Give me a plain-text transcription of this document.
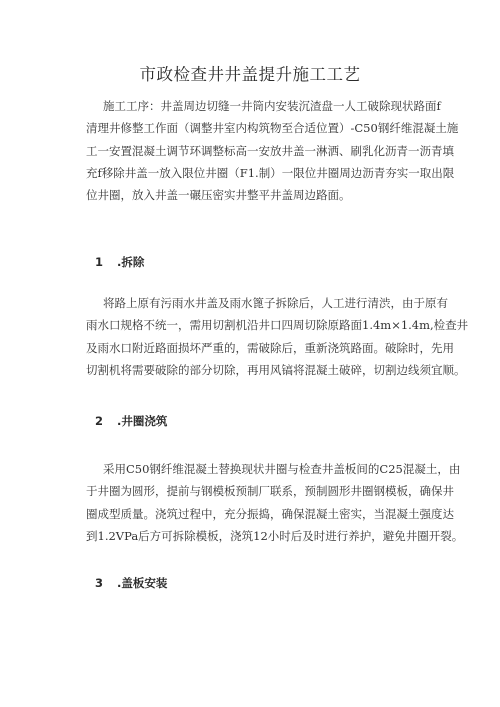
市政检查井井盖提升施工工艺
施工工序：井盖周边切缝一井筒内安装沉渣盘一人工破除现状路面f
清理井修整工作面（调整井室内构筑物至合适位置）-C50钢纤维混凝土施
工一安置混凝土调节环调整标高一安放井盖一淋洒、刷乳化沥青一沥青填
充f移除井盖一放入限位井圈（F1.制）一限位井圈周边沥青夯实一取出限
位井圈，放入井盖一碾压密实井整平井盖周边路面。
1 .拆除
将路上原有污雨水井盖及雨水篦子拆除后，人工进行清渋，由于原有
雨水口规格不统一，需用切割机沿井口四周切除原路面1.4m×1.4m,检查井
及雨水口附近路面损坏严重的，需破除后，重新浇筑路面。破除时，先用
切割机将需要破除的部分切除，再用风镐将混凝土破碎，切割边线须宜顺。
2 .井圈浇筑
采用C50钢纤维混凝土替换现状井圈与检查井盖板间的C25混凝土，由
于井圈为圆形，提前与钢模板预制厂联系，预制圆形井圈钢模板，确保井
圈成型质量。浇筑过程中，充分振捣，确保混凝土密实，当混凝土强度达
到1.2VPa后方可拆除模板，浇筑12小时后及时进行养护，避免井圈开裂。
3 .盖板安装
